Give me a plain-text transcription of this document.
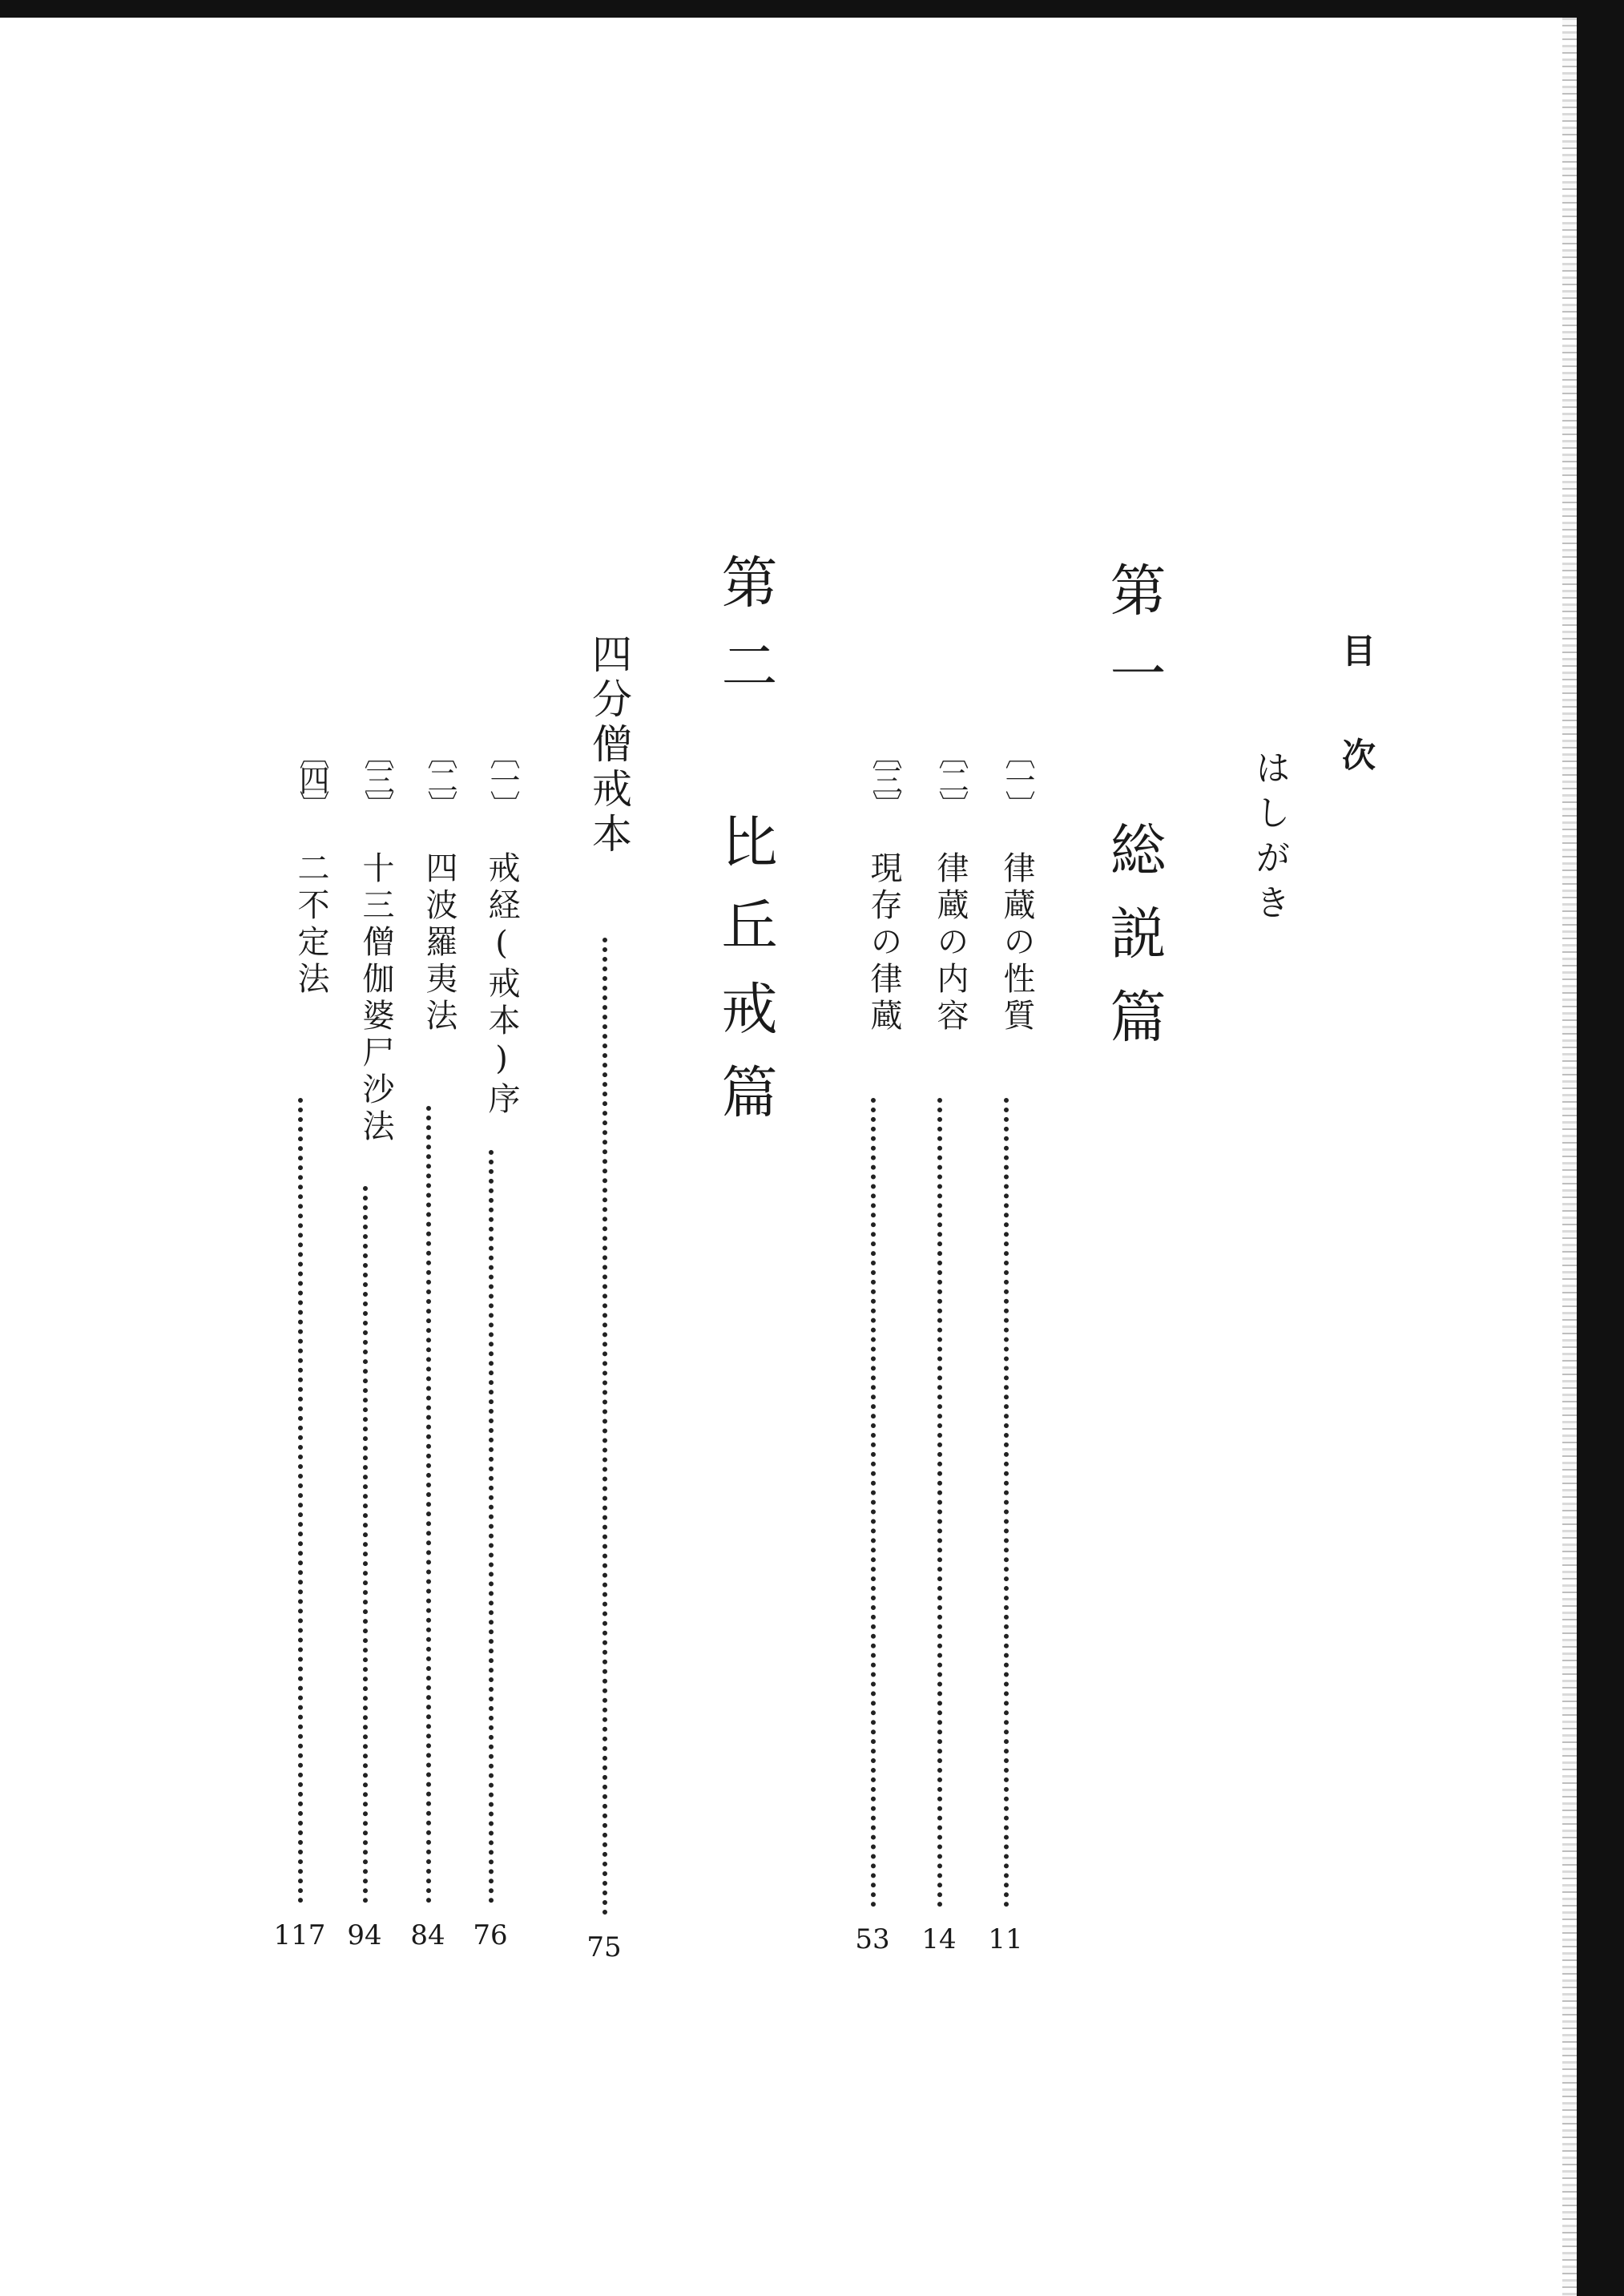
目
次
はしがき
第一 総説篇
〔一〕
律蔵の性質
11
〔二〕
律蔵の内容
14
〔三〕
現存の律蔵
53
第二 比丘戒篇
四分僧戒本
75
〔一〕
戒経(戒本)序
76
〔二〕
四波羅夷法
84
〔三〕
十三僧伽婆尸沙法
94
〔四〕
二不定法
117
